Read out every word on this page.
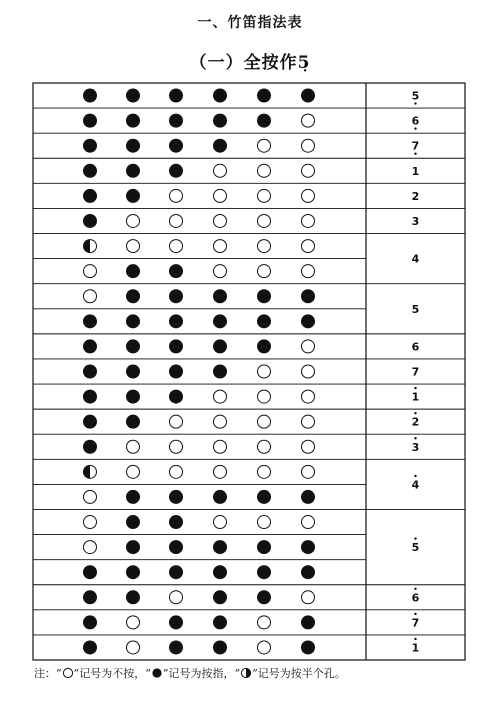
一、竹笛指法表
（一）全按作5̣
5
6
7
1
2
3
4
5
6
7
1
2
3
4
5
6
7
1
注：“ ”记号为不按，“ ”记号为按指，“ ”记号为按半个孔。
